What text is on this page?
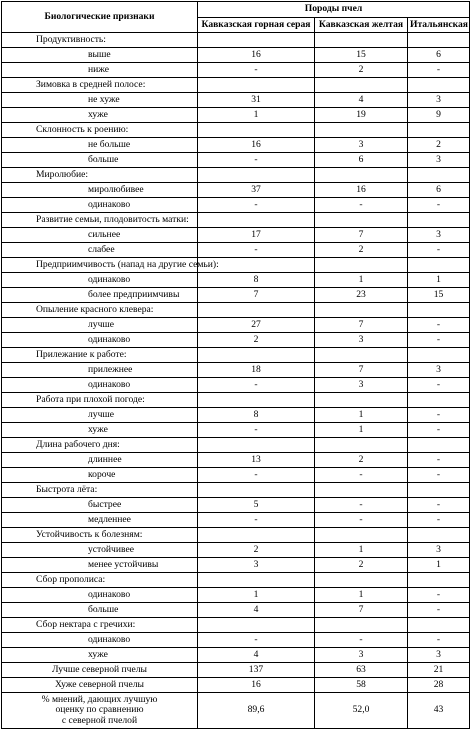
Биологические признаки	Породы пчел		
	Кавказская горная серая	Кавказская желтая	Итальянская
Продуктивность:			
выше	16	15	6
ниже	-	2	-
Зимовка в средней полосе:			
не хуже	31	4	3
хуже	1	19	9
Склонность к роению:			
не больше	16	3	2
больше	-	6	3
Миролюбие:			
миролюбивее	37	16	6
одинаково	-	-	-
Развитие семьи, плодовитость матки:			
сильнее	17	7	3
слабее	-	2	-
Предприимчивость (напад на другие семьи):			
одинаково	8	1	1
более предприимчивы	7	23	15
Опыление красного клевера:			
лучше	27	7	-
одинаково	2	3	-
Прилежание к работе:			
прилежнее	18	7	3
одинаково	-	3	-
Работа при плохой погоде:			
лучше	8	1	-
хуже	-	1	-
Длина рабочего дня:			
длиннее	13	2	-
короче	-	-	-
Быстрота лёта:			
быстрее	5	-	-
медленнее	-	-	-
Устойчивость к болезням:			
устойчивее	2	1	3
менее устойчивы	3	2	1
Сбор прополиса:			
одинаково	1	1	-
больше	4	7	-
Сбор нектара с гречихи:			
одинаково	-	-	-
хуже	4	3	3
Лучше северной пчелы	137	63	21
Хуже северной пчелы	16	58	28

% мнений, дающих лучшую
оценку по сравнению
с северной пчелой	89,6	52,0	43
